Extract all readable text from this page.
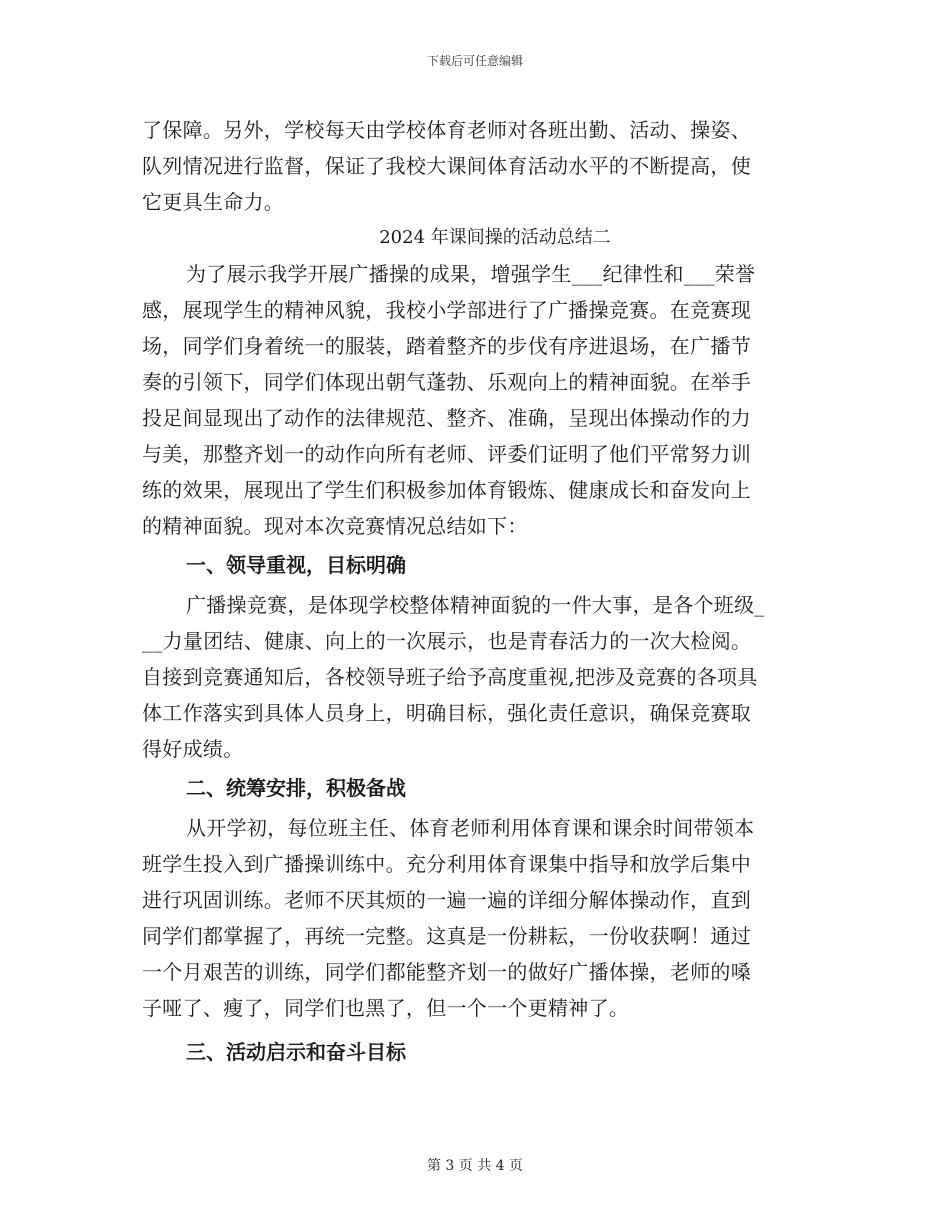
下载后可任意编辑
了保障。另外，学校每天由学校体育老师对各班出勤、活动、操姿、
队列情况进行监督，保证了我校大课间体育活动水平的不断提高，使
它更具生命力。
2024 年课间操的活动总结二
为了展示我学开展广播操的成果，增强学生___纪律性和___荣誉
感，展现学生的精神风貌，我校小学部进行了广播操竞赛。在竞赛现
场，同学们身着统一的服装，踏着整齐的步伐有序进退场，在广播节
奏的引领下，同学们体现出朝气蓬勃、乐观向上的精神面貌。在举手
投足间显现出了动作的法律规范、整齐、准确，呈现出体操动作的力
与美，那整齐划一的动作向所有老师、评委们证明了他们平常努力训
练的效果，展现出了学生们积极参加体育锻炼、健康成长和奋发向上
的精神面貌。现对本次竞赛情况总结如下：
一、领导重视，目标明确
广播操竞赛，是体现学校整体精神面貌的一件大事，是各个班级_
__力量团结、健康、向上的一次展示，也是青春活力的一次大检阅。
自接到竞赛通知后，各校领导班子给予高度重视,把涉及竞赛的各项具
体工作落实到具体人员身上，明确目标，强化责任意识，确保竞赛取
得好成绩。
二、统筹安排，积极备战
从开学初，每位班主任、体育老师利用体育课和课余时间带领本
班学生投入到广播操训练中。充分利用体育课集中指导和放学后集中
进行巩固训练。老师不厌其烦的一遍一遍的详细分解体操动作，直到
同学们都掌握了，再统一完整。这真是一份耕耘，一份收获啊！通过
一个月艰苦的训练，同学们都能整齐划一的做好广播体操，老师的嗓
子哑了、瘦了，同学们也黑了，但一个一个更精神了。
三、活动启示和奋斗目标
第 3 页 共 4 页
